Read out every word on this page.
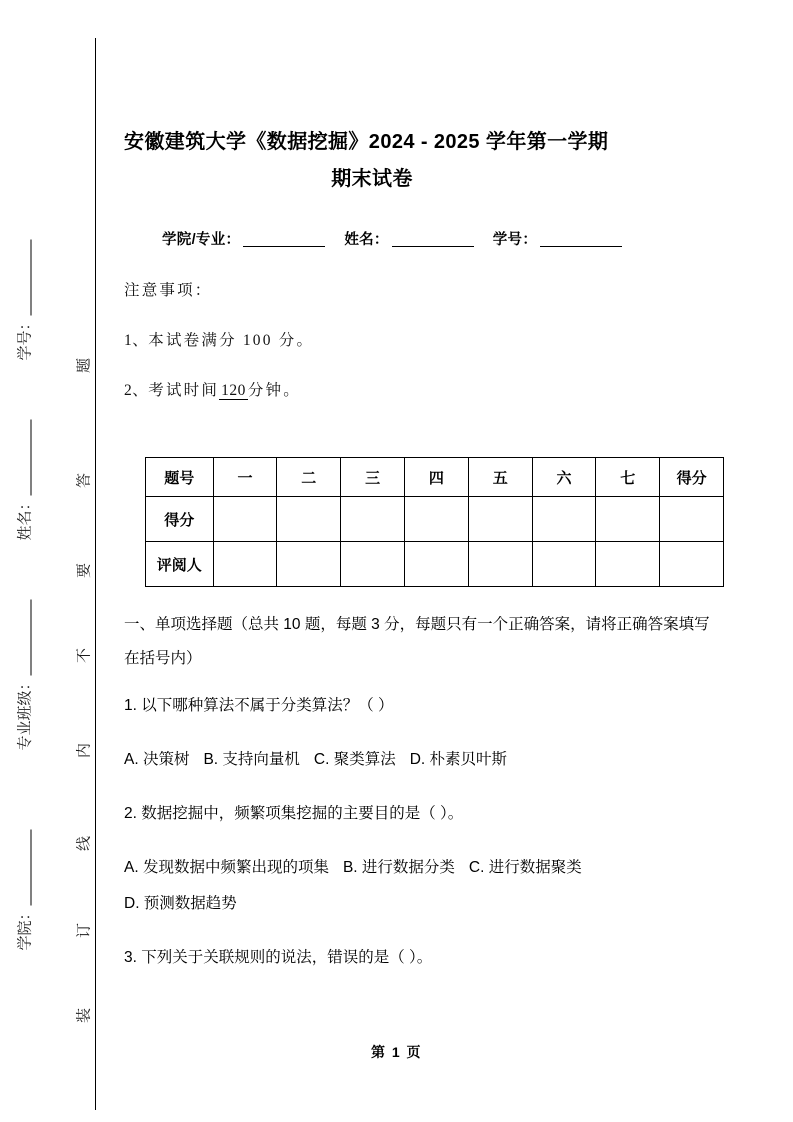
题
答
要
不
内
线
订
装
学号：
姓名：
专业班级：
学院：
安徽建筑大学《数据挖掘》2024 - 2025 学年第一学期
期末试卷
学院/专业：	姓名：	学号：
注意事项：
1、本试卷满分 100 分。
2、考试时间 120 分钟。
题号	一	二	三	四	五	六	七	得分
得分								
评阅人								
一、单项选择题（总共 10 题，每题 3 分，每题只有一个正确答案，请将正确答案填写在括号内）
1. 以下哪种算法不属于分类算法？（ ）
A. 决策树 B. 支持向量机 C. 聚类算法 D. 朴素贝叶斯
2. 数据挖掘中，频繁项集挖掘的主要目的是（ ）。
A. 发现数据中频繁出现的项集 B. 进行数据分类 C. 进行数据聚类
D. 预测数据趋势
3. 下列关于关联规则的说法，错误的是（ ）。
第 1 页
